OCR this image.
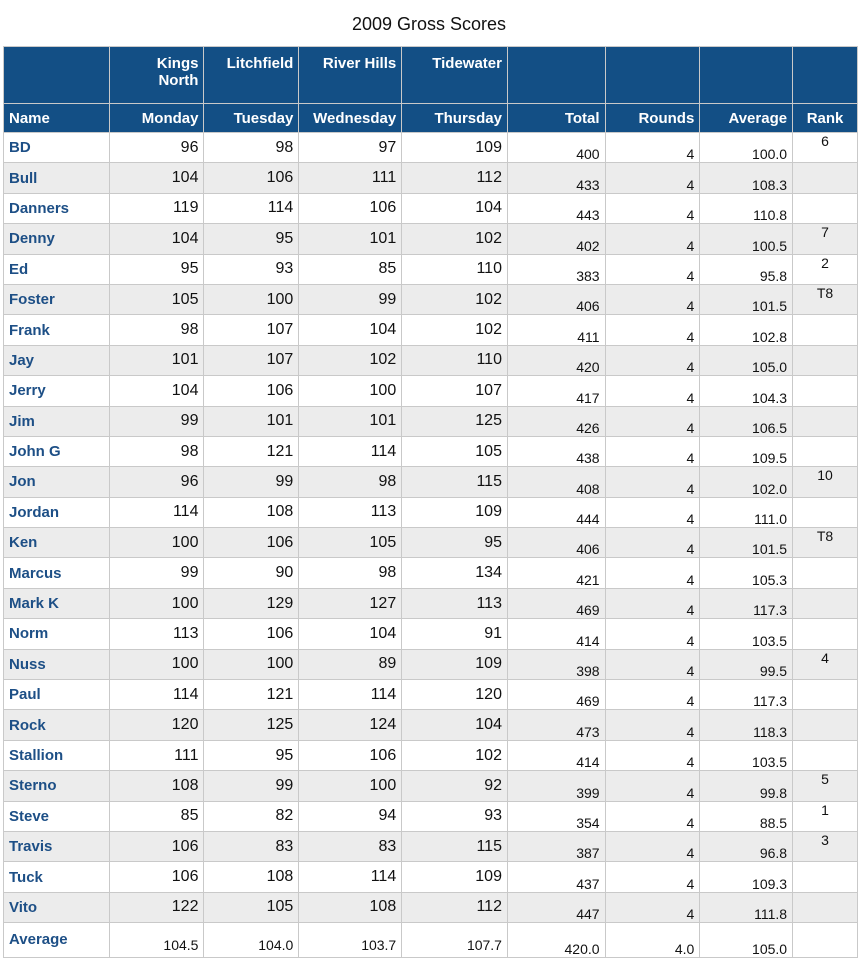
2009 Gross Scores
	Kings North	Litchfield	River Hills	Tidewater				
Name	Monday	Tuesday	Wednesday	Thursday	Total	Rounds	Average	Rank
BD	96	98	97	109	400	4	100.0	6
Bull	104	106	111	112	433	4	108.3	
Danners	119	114	106	104	443	4	110.8	
Denny	104	95	101	102	402	4	100.5	7
Ed	95	93	85	110	383	4	95.8	2
Foster	105	100	99	102	406	4	101.5	T8
Frank	98	107	104	102	411	4	102.8	
Jay	101	107	102	110	420	4	105.0	
Jerry	104	106	100	107	417	4	104.3	
Jim	99	101	101	125	426	4	106.5	
John G	98	121	114	105	438	4	109.5	
Jon	96	99	98	115	408	4	102.0	10
Jordan	114	108	113	109	444	4	111.0	
Ken	100	106	105	95	406	4	101.5	T8
Marcus	99	90	98	134	421	4	105.3	
Mark K	100	129	127	113	469	4	117.3	
Norm	113	106	104	91	414	4	103.5	
Nuss	100	100	89	109	398	4	99.5	4
Paul	114	121	114	120	469	4	117.3	
Rock	120	125	124	104	473	4	118.3	
Stallion	111	95	106	102	414	4	103.5	
Sterno	108	99	100	92	399	4	99.8	5
Steve	85	82	94	93	354	4	88.5	1
Travis	106	83	83	115	387	4	96.8	3
Tuck	106	108	114	109	437	4	109.3	
Vito	122	105	108	112	447	4	111.8	
Average	104.5	104.0	103.7	107.7	420.0	4.0	105.0	
